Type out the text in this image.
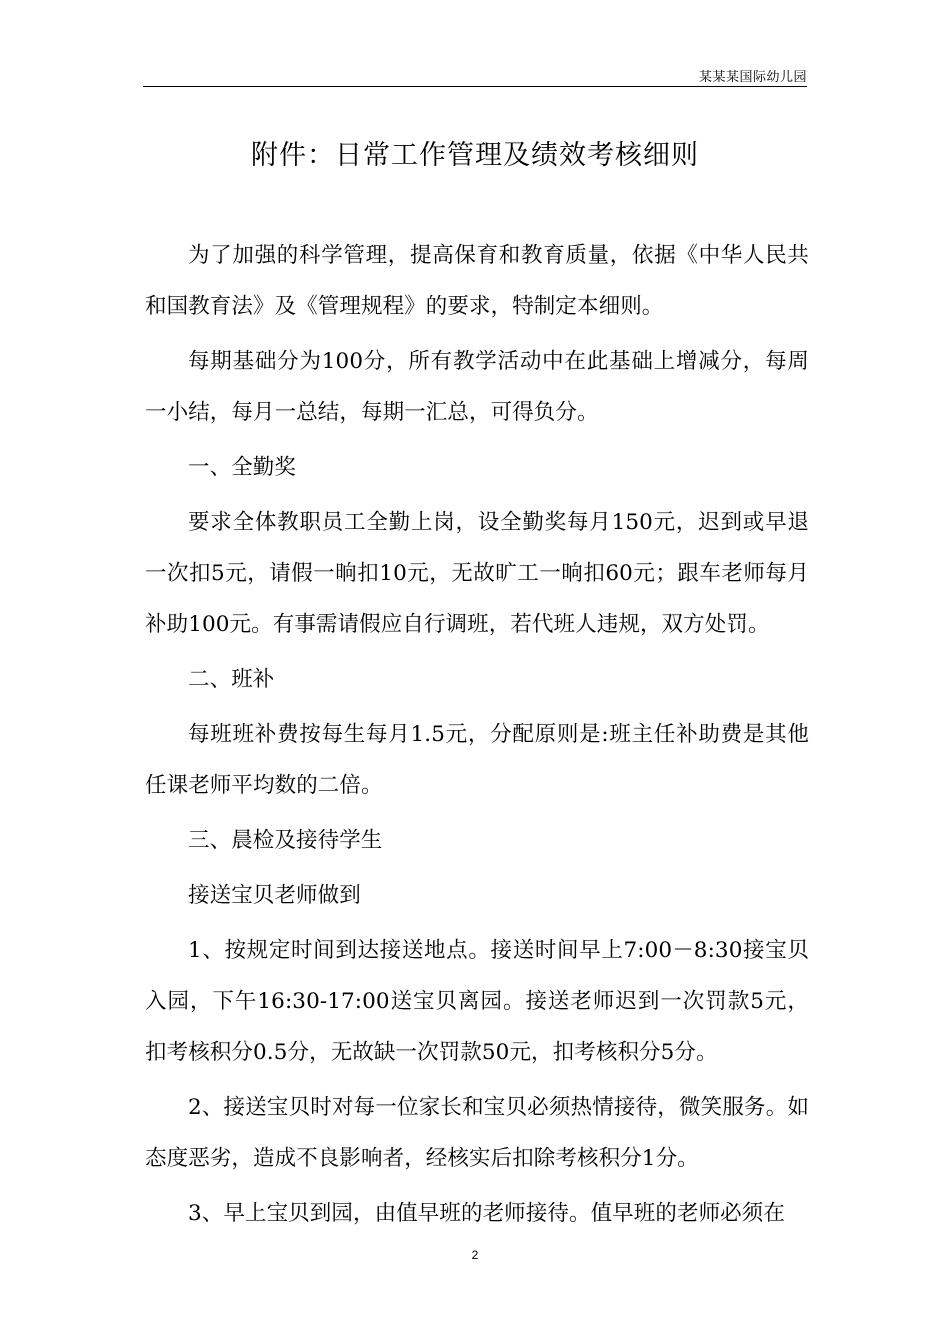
某某某国际幼儿园
附件：日常工作管理及绩效考核细则

为了加强的科学管理，提高保育和教育质量，依据《中华人民共和国教育法》及《管理规程》的要求，特制定本细则。

每期基础分为100分，所有教学活动中在此基础上增减分，每周一小结，每月一总结，每期一汇总，可得负分。

一、全勤奖

要求全体教职员工全勤上岗，设全勤奖每月150元，迟到或早退一次扣5元，请假一晌扣10元，无故旷工一晌扣60元；跟车老师每月补助100元。有事需请假应自行调班，若代班人违规，双方处罚。

二、班补

每班班补费按每生每月1.5元，分配原则是:班主任补助费是其他任课老师平均数的二倍。

三、晨检及接待学生

接送宝贝老师做到

1、按规定时间到达接送地点。接送时间早上7:00－8:30接宝贝入园，下午16:30-17:00送宝贝离园。接送老师迟到一次罚款5元，扣考核积分0.5分，无故缺一次罚款50元，扣考核积分5分。

2、接送宝贝时对每一位家长和宝贝必须热情接待，微笑服务。如态度恶劣，造成不良影响者，经核实后扣除考核积分1分。

3、早上宝贝到园，由值早班的老师接待。值早班的老师必须在

2
